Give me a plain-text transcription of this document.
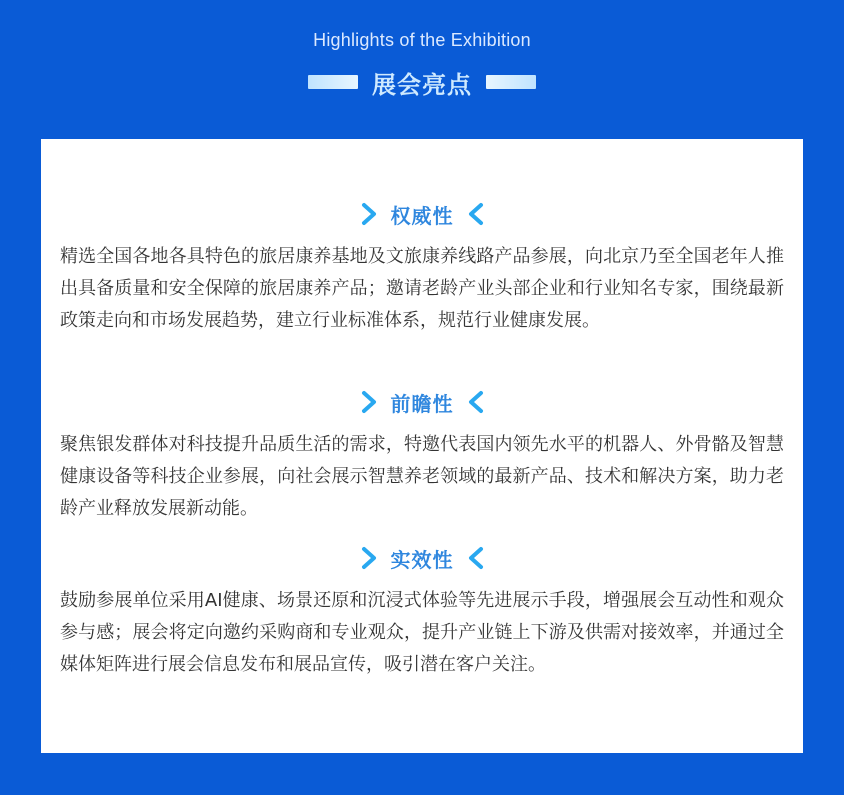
Highlights of the Exhibition
展会亮点
权威性

精选全国各地各具特色的旅居康养基地及文旅康养线路产品参展，向北京乃至全国老年人推出具备质量和安全保障的旅居康养产品；邀请老龄产业头部企业和行业知名专家，围绕最新政策走向和市场发展趋势，建立行业标准体系，规范行业健康发展。

前瞻性

聚焦银发群体对科技提升品质生活的需求，特邀代表国内领先水平的机器人、外骨骼及智慧健康设备等科技企业参展，向社会展示智慧养老领域的最新产品、技术和解决方案，助力老龄产业释放发展新动能。

实效性

鼓励参展单位采用AI健康、场景还原和沉浸式体验等先进展示手段，增强展会互动性和观众参与感；展会将定向邀约采购商和专业观众，提升产业链上下游及供需对接效率，并通过全媒体矩阵进行展会信息发布和展品宣传，吸引潜在客户关注。
